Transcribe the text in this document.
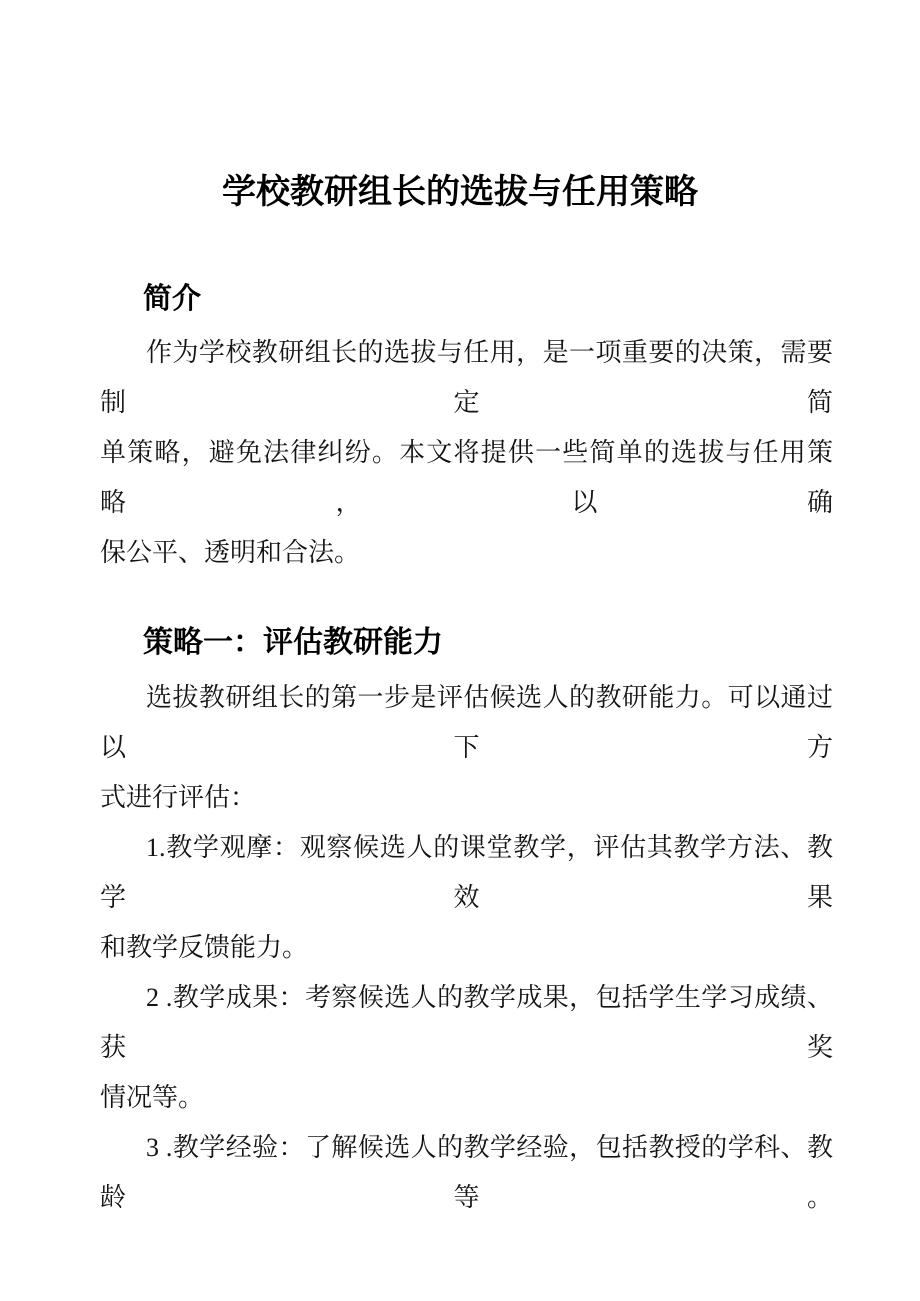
学校教研组长的选拔与任用策略
简介

作为学校教研组长的选拔与任用，是一项重要的决策，需要制定简

单策略，避免法律纠纷。本文将提供一些简单的选拔与任用策略，以确

保公平、透明和合法。

策略一：评估教研能力

选拔教研组长的第一步是评估候选人的教研能力。可以通过以下方

式进行评估：

1.教学观摩：观察候选人的课堂教学，评估其教学方法、教学效果

和教学反馈能力。

2 .教学成果：考察候选人的教学成果，包括学生学习成绩、获奖

情况等。

3 .教学经验：了解候选人的教学经验，包括教授的学科、教龄等。
